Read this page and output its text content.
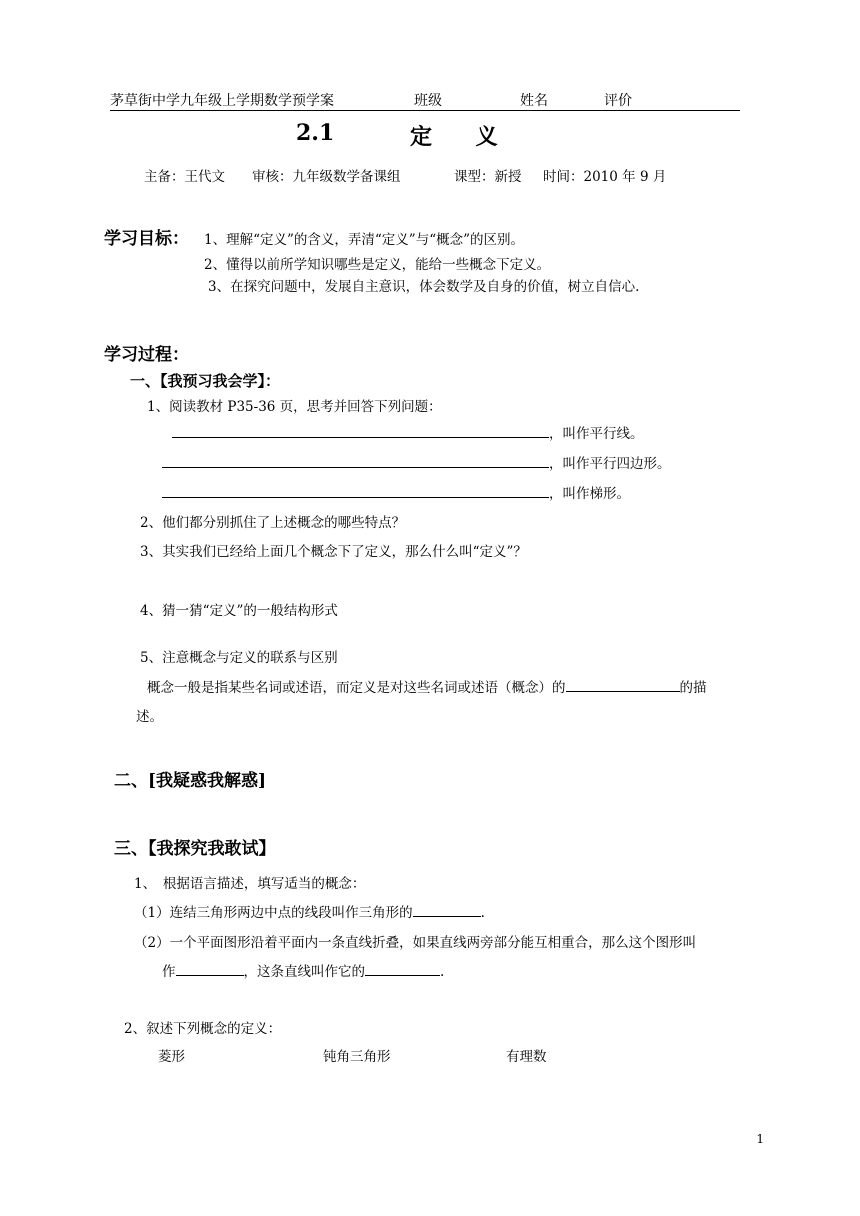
茅草街中学九年级上学期数学预学案	班级	姓名	评价
2.1	定 义
主备：王代文 审核：九年级数学备课组	课型：新授 时间：2010 年 9 月
学习目标： 1、理解“定义”的含义，弄清“定义”与“概念”的区别。
2、懂得以前所学知识哪些是定义，能给一些概念下定义。
3、在探究问题中，发展自主意识，体会数学及自身的价值，树立自信心.
学习过程：
一、【我预习我会学】：
1、阅读教材 P35-36 页，思考并回答下列问题：
，叫作平行线。
，叫作平行四边形。
，叫作梯形。
2、他们都分别抓住了上述概念的哪些特点？
3、其实我们已经给上面几个概念下了定义，那么什么叫“定义”？
4、猜一猜“定义”的一般结构形式
5、注意概念与定义的联系与区别
概念一般是指某些名词或述语，而定义是对这些名词或述语（概念）的	的描
述。
二、[我疑惑我解惑]
三、【我探究我敢试】
1、　根据语言描述，填写适当的概念：
（1）连结三角形两边中点的线段叫作三角形的	.
（2）一个平面图形沿着平面内一条直线折叠，如果直线两旁部分能互相重合，那么这个图形叫
作	，这条直线叫作它的	.
2、叙述下列概念的定义：
菱形	钝角三角形	有理数
1
